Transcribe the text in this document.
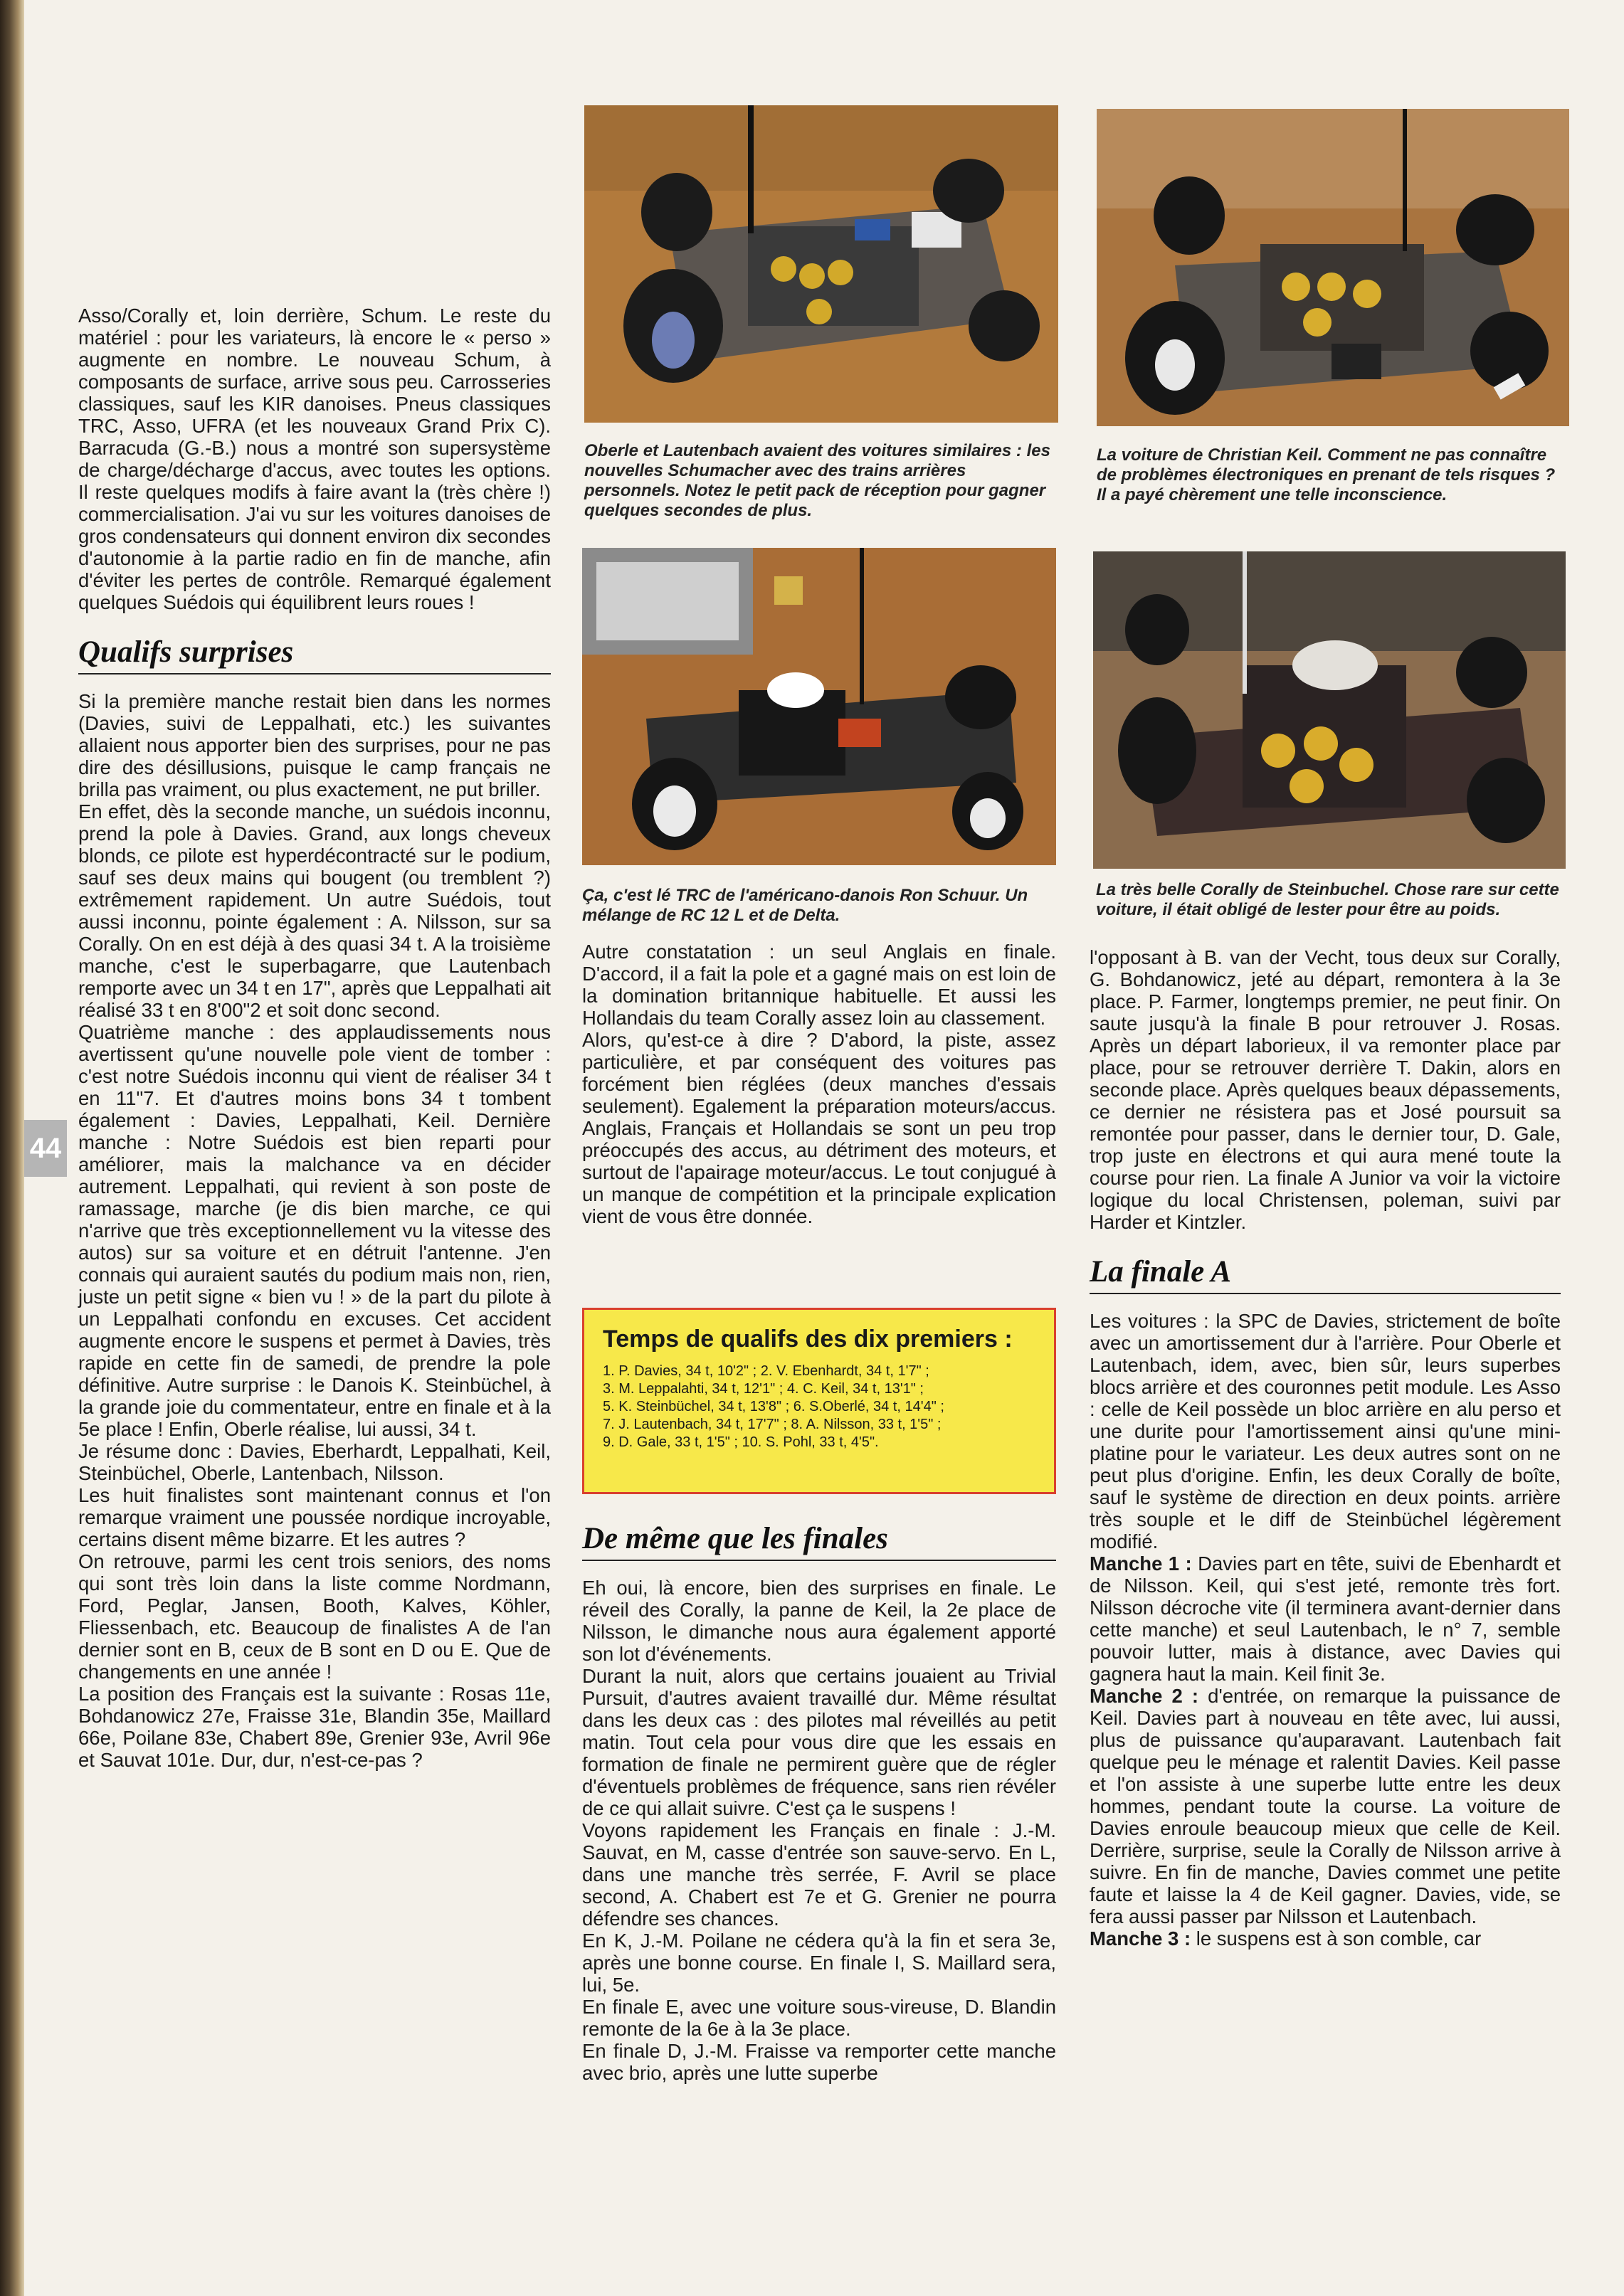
44
Oberle et Lautenbach avaient des voitures similaires : les nouvelles Schumacher avec des trains arrières personnels. Notez le petit pack de réception pour gagner quelques secondes de plus.
La voiture de Christian Keil. Comment ne pas connaître de problèmes électroniques en prenant de tels risques ? Il a payé chèrement une telle inconscience.
Ça, c'est lé TRC de l'américano-danois Ron Schuur. Un mélange de RC 12 L et de Delta.
La très belle Corally de Steinbuchel. Chose rare sur cette voiture, il était obligé de lester pour être au poids.

Asso/Corally et, loin derrière, Schum. Le reste du matériel : pour les variateurs, là encore le « perso » augmente en nombre. Le nouveau Schum, à composants de surface, arrive sous peu. Carrosseries classiques, sauf les KIR danoises. Pneus classiques TRC, Asso, UFRA (et les nouveaux Grand Prix C). Barracuda (G.-B.) nous a montré son supersystème de charge/décharge d'accus, avec toutes les options. Il reste quelques modifs à faire avant la (très chère !) commercialisation. J'ai vu sur les voitures danoises de gros condensateurs qui donnent environ dix secondes d'autonomie à la partie radio en fin de manche, afin d'éviter les pertes de contrôle. Remarqué également quelques Suédois qui équilibrent leurs roues !

Qualifs surprises

Si la première manche restait bien dans les normes (Davies, suivi de Leppalhati, etc.) les suivantes allaient nous apporter bien des surprises, pour ne pas dire des désillusions, puisque le camp français ne brilla pas vraiment, ou plus exactement, ne put briller.

En effet, dès la seconde manche, un suédois inconnu, prend la pole à Davies. Grand, aux longs cheveux blonds, ce pilote est hyperdécontracté sur le podium, sauf ses deux mains qui bougent (ou tremblent ?) extrêmement rapidement. Un autre Suédois, tout aussi inconnu, pointe également : A. Nilsson, sur sa Corally. On en est déjà à des quasi 34 t. A la troisième manche, c'est le superbagarre, que Lautenbach remporte avec un 34 t en 17", après que Leppalhati ait réalisé 33 t en 8'00"2 et soit donc second.

Quatrième manche : des applaudissements nous avertissent qu'une nouvelle pole vient de tomber : c'est notre Suédois inconnu qui vient de réaliser 34 t en 11"7. Et d'autres moins bons 34 t tombent également : Davies, Leppalhati, Keil. Dernière manche : Notre Suédois est bien reparti pour améliorer, mais la malchance va en décider autrement. Leppalhati, qui revient à son poste de ramassage, marche (je dis bien marche, ce qui n'arrive que très exceptionnellement vu la vitesse des autos) sur sa voiture et en détruit l'antenne. J'en connais qui auraient sautés du podium mais non, rien, juste un petit signe « bien vu ! » de la part du pilote à un Leppalhati confondu en excuses. Cet accident augmente encore le suspens et permet à Davies, très rapide en cette fin de samedi, de prendre la pole définitive. Autre surprise : le Danois K. Steinbüchel, à la grande joie du commentateur, entre en finale et à la 5e place ! Enfin, Oberle réalise, lui aussi, 34 t.

Je résume donc : Davies, Eberhardt, Leppalhati, Keil, Steinbüchel, Oberle, Lantenbach, Nilsson.

Les huit finalistes sont maintenant connus et l'on remarque vraiment une poussée nordique incroyable, certains disent même bizarre. Et les autres ?

On retrouve, parmi les cent trois seniors, des noms qui sont très loin dans la liste comme Nordmann, Ford, Peglar, Jansen, Booth, Kalves, Köhler, Fliessenbach, etc. Beaucoup de finalistes A de l'an dernier sont en B, ceux de B sont en D ou E. Que de changements en une année !

La position des Français est la suivante : Rosas 11e, Bohdanowicz 27e, Fraisse 31e, Blandin 35e, Maillard 66e, Poilane 83e, Chabert 89e, Grenier 93e, Avril 96e et Sauvat 101e. Dur, dur, n'est-ce-pas ?

Autre constatation : un seul Anglais en finale. D'accord, il a fait la pole et a gagné mais on est loin de la domination britannique habituelle. Et aussi les Hollandais du team Corally assez loin au classement.

Alors, qu'est-ce à dire ? D'abord, la piste, assez particulière, et par conséquent des voitures pas forcément bien réglées (deux manches d'essais seulement). Egalement la préparation moteurs/accus. Anglais, Français et Hollandais se sont un peu trop préoccupés des accus, au détriment des moteurs, et surtout de l'apairage moteur/accus. Le tout conjugué à un manque de compétition et la principale explication vient de vous être donnée.

Temps de qualifs des dix premiers :
1. P. Davies, 34 t, 10'2" ; 2. V. Ebenhardt, 34 t, 1'7" ;
3. M. Leppalahti, 34 t, 12'1" ; 4. C. Keil, 34 t, 13'1" ;
5. K. Steinbüchel, 34 t, 13'8" ; 6. S.Oberlé, 34 t, 14'4" ;
7. J. Lautenbach, 34 t, 17'7" ; 8. A. Nilsson, 33 t, 1'5" ;
9. D. Gale, 33 t, 1'5" ; 10. S. Pohl, 33 t, 4'5".
De même que les finales

Eh oui, là encore, bien des surprises en finale. Le réveil des Corally, la panne de Keil, la 2e place de Nilsson, le dimanche nous aura également apporté son lot d'événements.

Durant la nuit, alors que certains jouaient au Trivial Pursuit, d'autres avaient travaillé dur. Même résultat dans les deux cas : des pilotes mal réveillés au petit matin. Tout cela pour vous dire que les essais en formation de finale ne permirent guère que de régler d'éventuels problèmes de fréquence, sans rien révéler de ce qui allait suivre. C'est ça le suspens !

Voyons rapidement les Français en finale : J.-M. Sauvat, en M, casse d'entrée son sauve-servo. En L, dans une manche très serrée, F. Avril se place second, A. Chabert est 7e et G. Grenier ne pourra défendre ses chances.

En K, J.-M. Poilane ne cédera qu'à la fin et sera 3e, après une bonne course. En finale I, S. Maillard sera, lui, 5e.

En finale E, avec une voiture sous-vireuse, D. Blandin remonte de la 6e à la 3e place.

En finale D, J.-M. Fraisse va remporter cette manche avec brio, après une lutte superbe

l'opposant à B. van der Vecht, tous deux sur Corally, G. Bohdanowicz, jeté au départ, remontera à la 3e place. P. Farmer, longtemps premier, ne peut finir. On saute jusqu'à la finale B pour retrouver J. Rosas. Après un départ laborieux, il va remonter place par place, pour se retrouver derrière T. Dakin, alors en seconde place. Après quelques beaux dépassements, ce dernier ne résistera pas et José poursuit sa remontée pour passer, dans le dernier tour, D. Gale, trop juste en électrons et qui aura mené toute la course pour rien. La finale A Junior va voir la victoire logique du local Christensen, poleman, suivi par Harder et Kintzler.

La finale A

Les voitures : la SPC de Davies, strictement de boîte avec un amortissement dur à l'arrière. Pour Oberle et Lautenbach, idem, avec, bien sûr, leurs superbes blocs arrière et des couronnes petit module. Les Asso : celle de Keil possède un bloc arrière en alu perso et une durite pour l'amortissement ainsi qu'une mini-platine pour le variateur. Les deux autres sont on ne peut plus d'origine. Enfin, les deux Corally de boîte, sauf le système de direction en deux points. arrière très souple et le diff de Steinbüchel légèrement modifié.

Manche 1 : Davies part en tête, suivi de Ebenhardt et de Nilsson. Keil, qui s'est jeté, remonte très fort. Nilsson décroche vite (il terminera avant-dernier dans cette manche) et seul Lautenbach, le n° 7, semble pouvoir lutter, mais à distance, avec Davies qui gagnera haut la main. Keil finit 3e.

Manche 2 : d'entrée, on remarque la puissance de Keil. Davies part à nouveau en tête avec, lui aussi, plus de puissance qu'auparavant. Lautenbach fait quelque peu le ménage et ralentit Davies. Keil passe et l'on assiste à une superbe lutte entre les deux hommes, pendant toute la course. La voiture de Davies enroule beaucoup mieux que celle de Keil. Derrière, surprise, seule la Corally de Nilsson arrive à suivre. En fin de manche, Davies commet une petite faute et laisse la 4 de Keil gagner. Davies, vide, se fera aussi passer par Nilsson et Lautenbach.

Manche 3 : le suspens est à son comble, car
